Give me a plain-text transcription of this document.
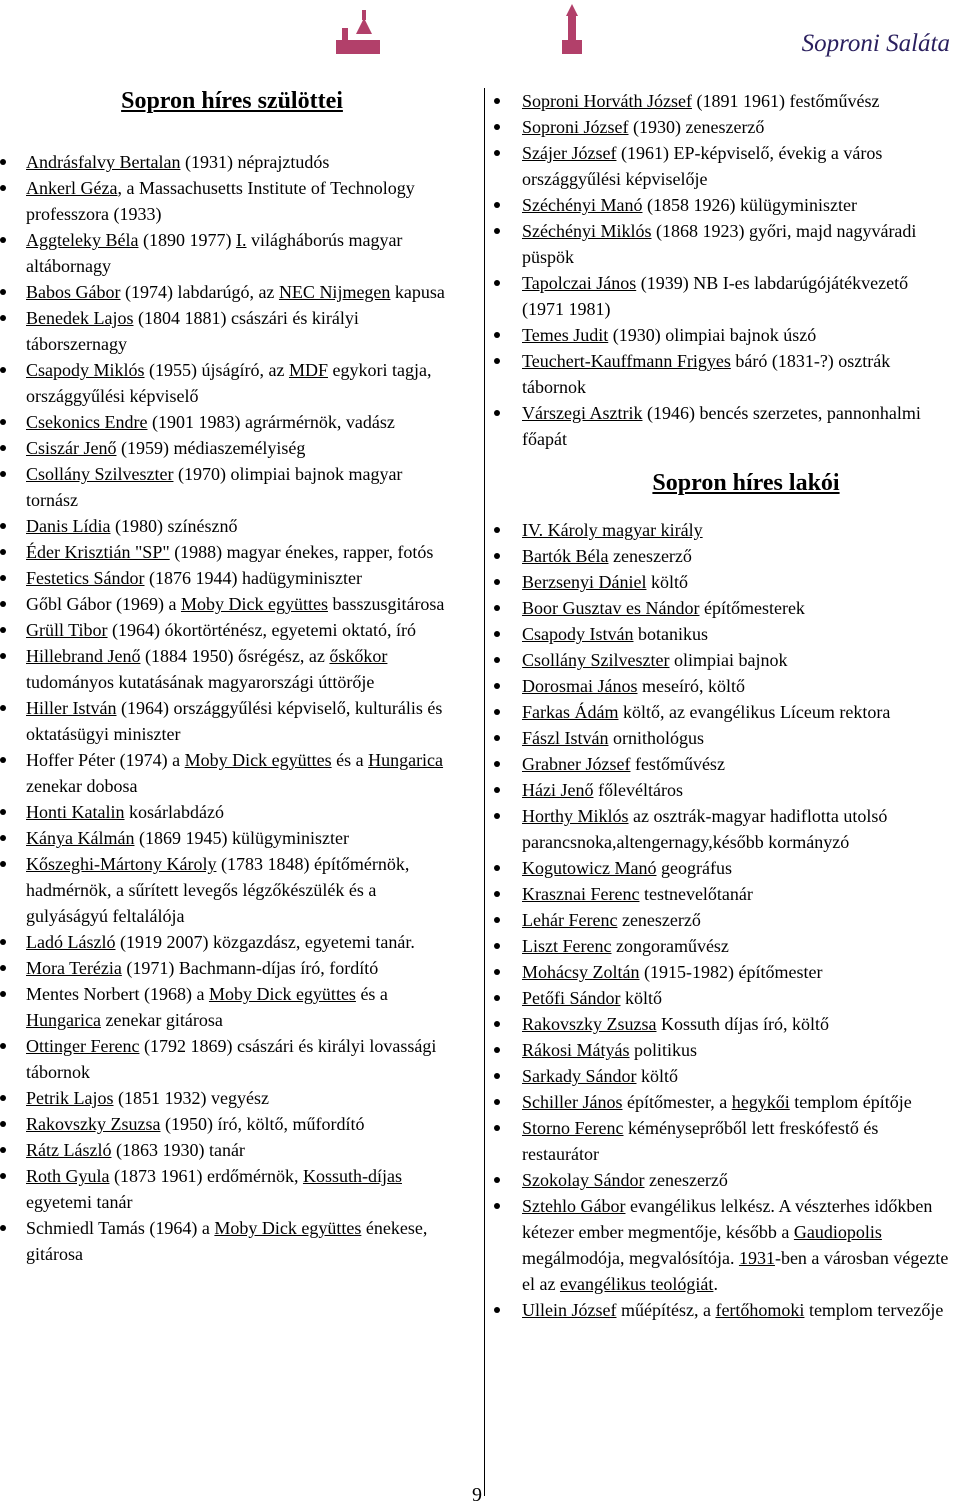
Soproni Saláta
Sopron híres szülöttei
Andrásfalvy Bertalan (1931) néprajztudós
Ankerl Géza, a Massachusetts Institute of Technology professzora (1933)
Aggteleky Béla (1890 1977) I. világháborús magyar altábornagy
Babos Gábor (1974) labdarúgó, az NEC Nijmegen kapusa
Benedek Lajos (1804 1881) császári és királyi táborszernagy
Csapody Miklós (1955) újságíró, az MDF egykori tagja, országgyűlési képviselő
Csekonics Endre (1901 1983) agrármérnök, vadász
Csiszár Jenő (1959) médiaszemélyiség
Csollány Szilveszter (1970) olimpiai bajnok magyar tornász
Danis Lídia (1980) színésznő
Éder Krisztián "SP" (1988) magyar énekes, rapper, fotós
Festetics Sándor (1876 1944) hadügyminiszter
Gőbl Gábor (1969) a Moby Dick együttes basszusgitárosa
Grüll Tibor (1964) ókortörténész, egyetemi oktató, író
Hillebrand Jenő (1884 1950) ősrégész, az őskőkor tudományos kutatásának magyarországi úttörője
Hiller István (1964) országgyűlési képviselő, kulturális és oktatásügyi miniszter
Hoffer Péter (1974) a Moby Dick együttes és a Hungarica zenekar dobosa
Honti Katalin kosárlabdázó
Kánya Kálmán (1869 1945) külügyminiszter
Kőszeghi-Mártony Károly (1783 1848) építőmérnök, hadmérnök, a sűrített levegős légzőkészülék és a gulyáságyú feltalálója
Ladó László (1919 2007) közgazdász, egyetemi tanár.
Mora Terézia (1971) Bachmann-díjas író, fordító
Mentes Norbert (1968) a Moby Dick együttes és a Hungarica zenekar gitárosa
Ottinger Ferenc (1792 1869) császári és királyi lovassági tábornok
Petrik Lajos (1851 1932) vegyész
Rakovszky Zsuzsa (1950) író, költő, műfordító
Rátz László (1863 1930) tanár
Roth Gyula (1873 1961) erdőmérnök, Kossuth-díjas egyetemi tanár
Schmiedl Tamás (1964) a Moby Dick együttes énekese, gitárosa
Soproni Horváth József (1891 1961) festőművész
Soproni József (1930) zeneszerző
Szájer József (1961) EP-képviselő, évekig a város országgyűlési képviselője
Széchényi Manó (1858 1926) külügyminiszter
Széchényi Miklós (1868 1923) győri, majd nagyváradi püspök
Tapolczai János (1939) NB I-es labdarúgójátékvezető (1971 1981)
Temes Judit (1930) olimpiai bajnok úszó
Teuchert-Kauffmann Frigyes báró (1831-?) osztrák tábornok
Várszegi Asztrik (1946) bencés szerzetes, pannonhalmi főapát
Sopron híres lakói
IV. Károly magyar király
Bartók Béla zeneszerző
Berzsenyi Dániel költő
Boor Gusztav es Nándor építőmesterek
Csapody István botanikus
Csollány Szilveszter olimpiai bajnok
Dorosmai János meseíró, költő
Farkas Ádám költő, az evangélikus Líceum rektora
Fászl István ornithológus
Grabner József festőművész
Házi Jenő főlevéltáros
Horthy Miklós az osztrák-magyar hadiflotta utolsó parancsnoka,altengernagy,később kormányzó
Kogutowicz Manó geográfus
Krasznai Ferenc testnevelőtanár
Lehár Ferenc zeneszerző
Liszt Ferenc zongoraművész
Mohácsy Zoltán (1915-1982) építőmester
Petőfi Sándor költő
Rakovszky Zsuzsa Kossuth díjas író, költő
Rákosi Mátyás politikus
Sarkady Sándor költő
Schiller János építőmester, a hegykői templom építője
Storno Ferenc kéményseprőből lett freskófestő és restaurátor
Szokolay Sándor zeneszerző
Sztehlo Gábor evangélikus lelkész. A vészterhes időkben kétezer ember megmentője, később a Gaudiopolis megálmodója, megvalósítója. 1931-ben a városban végezte el az evangélikus teológiát.
Ullein József műépítész, a fertőhomoki templom tervezője
9
